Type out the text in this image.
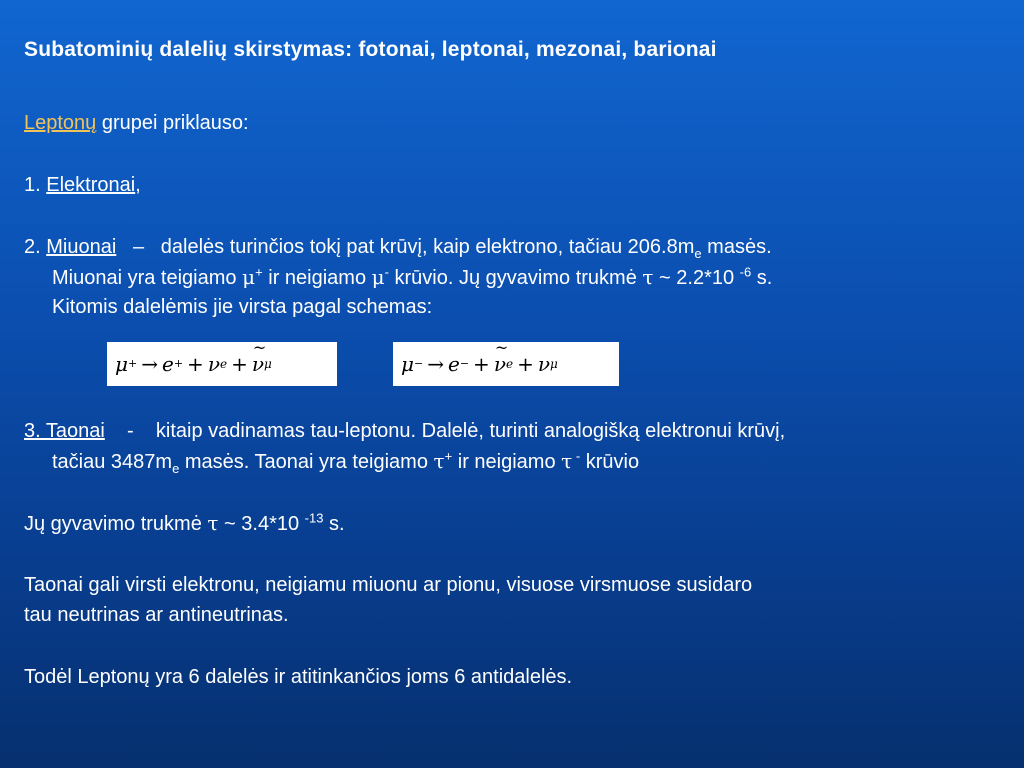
Subatominių dalelių skirstymas: fotonai, leptonai, mezonai, barionai
Leptonų grupei priklauso:
1. Elektronai,
2. Miuonai   –   dalelės turinčios tokį pat krūvį, kaip elektrono, tačiau $206.8m_e$ masės.
Miuonai yra teigiamo μ+ ir neigiamo μ- krūvio. Jų gyvavimo trukmė τ ~ 2.2*10 $^{-6}$ s.
Kitomis dalelėmis jie virsta pagal schemas:
μ + → e + + ν e + ~ ν μ	μ − → e − + ~ ν e + ν μ
3. Taonai    -    kitaip vadinamas tau-leptonu. Dalelė, turinti analogišką elektronui krūvį,
tačiau $3487m_e$ masės. Taonai yra teigiamo τ+ ir neigiamo τ - krūvio
Jų gyvavimo trukmė τ ~ 3.4*10 $^{-13}$ s.
Taonai gali virsti elektronu, neigiamu miuonu ar pionu, visuose virsmuose susidaro
tau neutrinas ar antineutrinas.
Todėl Leptonų yra 6 dalelės ir atitinkančios joms 6 antidalelės.
